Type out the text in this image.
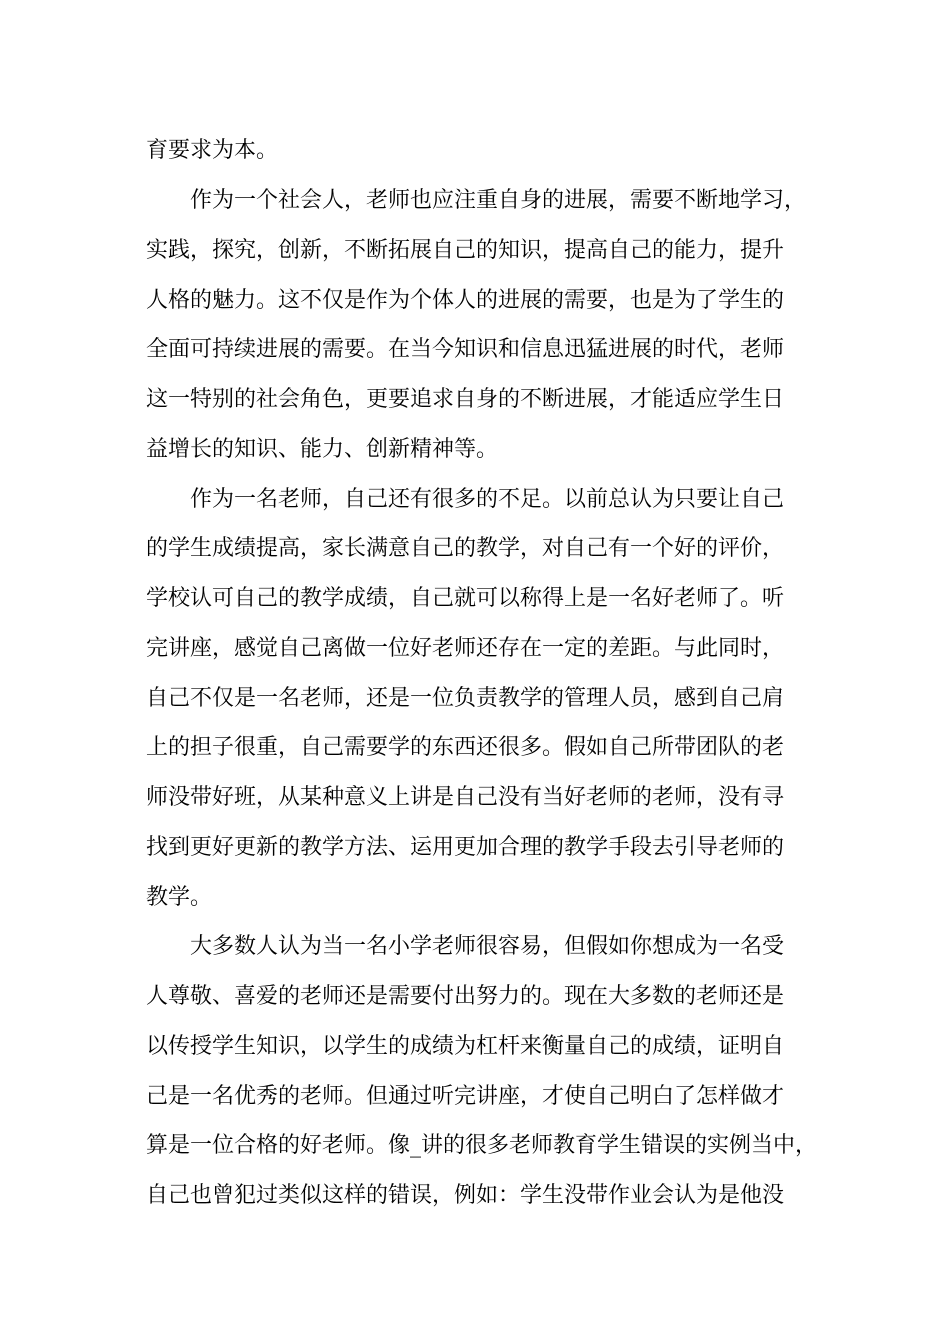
育要求为本。
作为一个社会人，老师也应注重自身的进展，需要不断地学习，
实践，探究，创新，不断拓展自己的知识，提高自己的能力，提升
人格的魅力。这不仅是作为个体人的进展的需要，也是为了学生的
全面可持续进展的需要。在当今知识和信息迅猛进展的时代，老师
这一特别的社会角色，更要追求自身的不断进展，才能适应学生日
益增长的知识、能力、创新精神等。
作为一名老师，自己还有很多的不足。以前总认为只要让自己
的学生成绩提高，家长满意自己的教学，对自己有一个好的评价，
学校认可自己的教学成绩，自己就可以称得上是一名好老师了。听
完讲座，感觉自己离做一位好老师还存在一定的差距。与此同时，
自己不仅是一名老师，还是一位负责教学的管理人员，感到自己肩
上的担子很重，自己需要学的东西还很多。假如自己所带团队的老
师没带好班，从某种意义上讲是自己没有当好老师的老师，没有寻
找到更好更新的教学方法、运用更加合理的教学手段去引导老师的
教学。
大多数人认为当一名小学老师很容易，但假如你想成为一名受
人尊敬、喜爱的老师还是需要付出努力的。现在大多数的老师还是
以传授学生知识，以学生的成绩为杠杆来衡量自己的成绩，证明自
己是一名优秀的老师。但通过听完讲座，才使自己明白了怎样做才
算是一位合格的好老师。像_讲的很多老师教育学生错误的实例当中，
自己也曾犯过类似这样的错误，例如：学生没带作业会认为是他没
